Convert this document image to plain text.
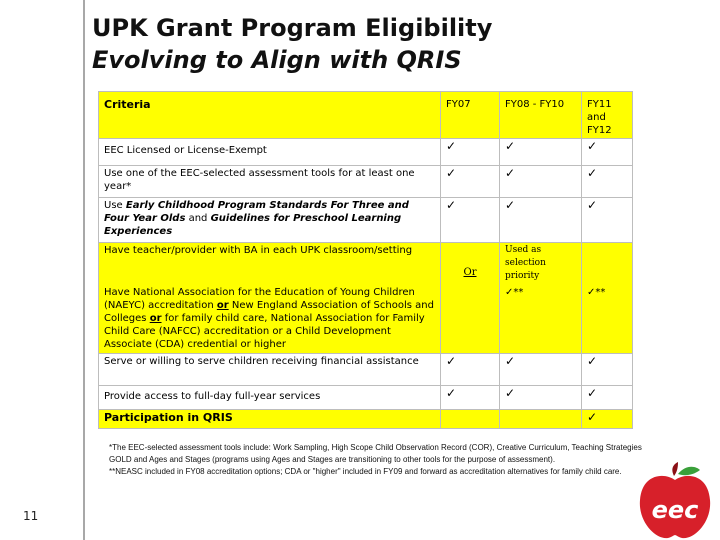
UPK Grant Program Eligibility
Evolving to Align with QRIS
Criteria	FY07	FY08 - FY10	FY11 and FY12
EEC Licensed or License-Exempt	✓	✓	✓
Use one of the EEC-selected assessment tools for at least one year*	✓	✓	✓
Use Early Childhood Program Standards For Three and Four Year Olds and Guidelines for Preschool Learning Experiences	✓	✓	✓
Have teacher/provider with BA in each UPK classroom/setting	Or	Used as selection priority	

Have National Association for the Education of Young Children (NAEYC) accreditation or New England Association of Schools and Colleges or for family child care, National Association for Family Child Care (NAFCC) accreditation or a Child Development Associate (CDA) credential or higher		✓**	✓**
Serve or willing to serve children receiving financial assistance	✓	✓	✓
Provide access to full-day full-year services	✓	✓	✓
Participation in QRIS			✓
*The EEC-selected assessment tools include: Work Sampling, High Scope Child Observation Record (COR), Creative Curriculum, Teaching Strategies GOLD and Ages and Stages (programs using Ages and Stages are transitioning to other tools for the purpose of assessment).
**NEASC included in FY08 accreditation options; CDA or "higher" included in FY09 and forward as accreditation alternatives for family child care.
11	eec
